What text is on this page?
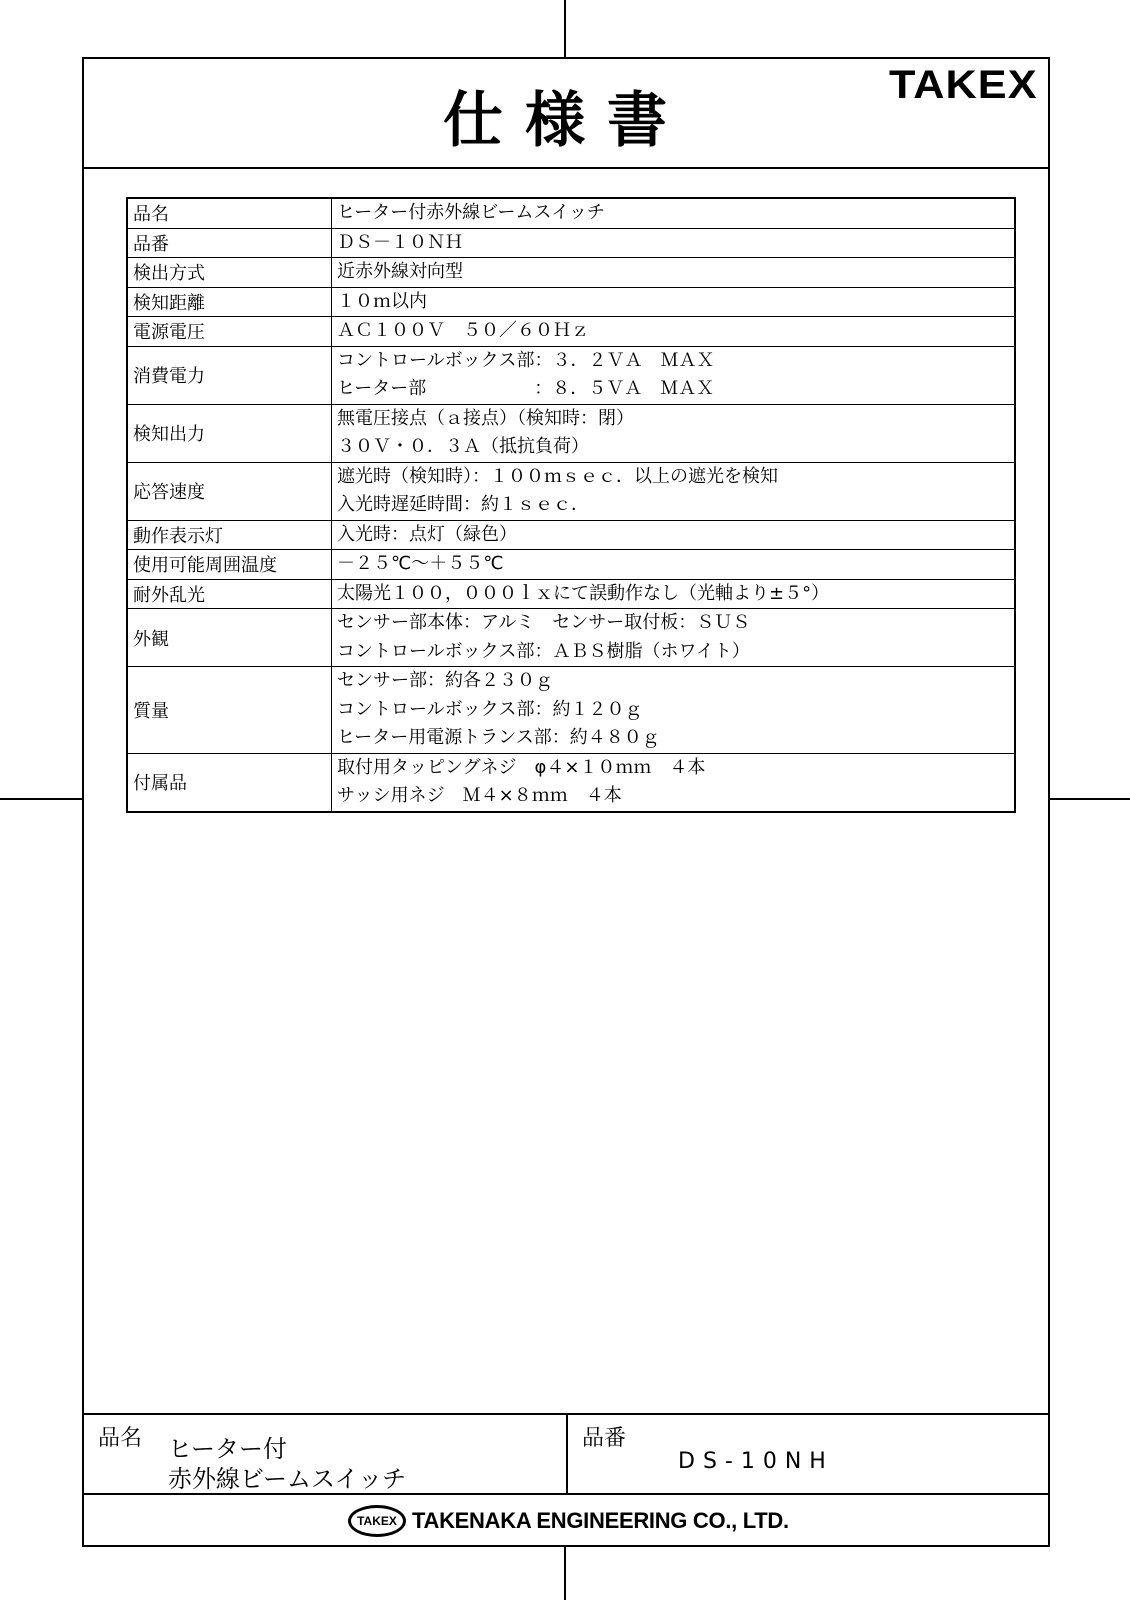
仕様書
TAKEX
品名	ヒーター付赤外線ビームスイッチ

品番	ＤＳ－１０ＮＨ

検出方式	近赤外線対向型

検知距離	１０ｍ以内

電源電圧	ＡＣ１００Ｖ　５０／６０Ｈｚ

消費電力	コントロールボックス部：３．２ＶＡ　ＭＡＸ
ヒーター部　　　　　　：８．５ＶＡ　ＭＡＸ

検知出力	無電圧接点（ａ接点）（検知時：閉）
３０Ｖ・０．３Ａ（抵抗負荷）

応答速度	遮光時（検知時）：１００ｍｓｅｃ．以上の遮光を検知
入光時遅延時間：約１ｓｅｃ．

動作表示灯	入光時：点灯（緑色）

使用可能周囲温度	－２５℃～＋５５℃

耐外乱光	太陽光１００，０００ｌｘにて誤動作なし（光軸より±５°）

外観	センサー部本体：アルミ　センサー取付板：ＳＵＳ
コントロールボックス部：ＡＢＳ樹脂（ホワイト）

質量	センサー部：約各２３０ｇ
コントロールボックス部：約１２０ｇ
ヒーター用電源トランス部：約４８０ｇ

付属品	取付用タッピングネジ　φ４×１０ｍｍ　４本
サッシ用ネジ　Ｍ４×８ｍｍ　４本
品名 ヒーター付
赤外線ビームスイッチ
品番
DS-10NH
TAKEX TAKENAKA ENGINEERING CO., LTD.
